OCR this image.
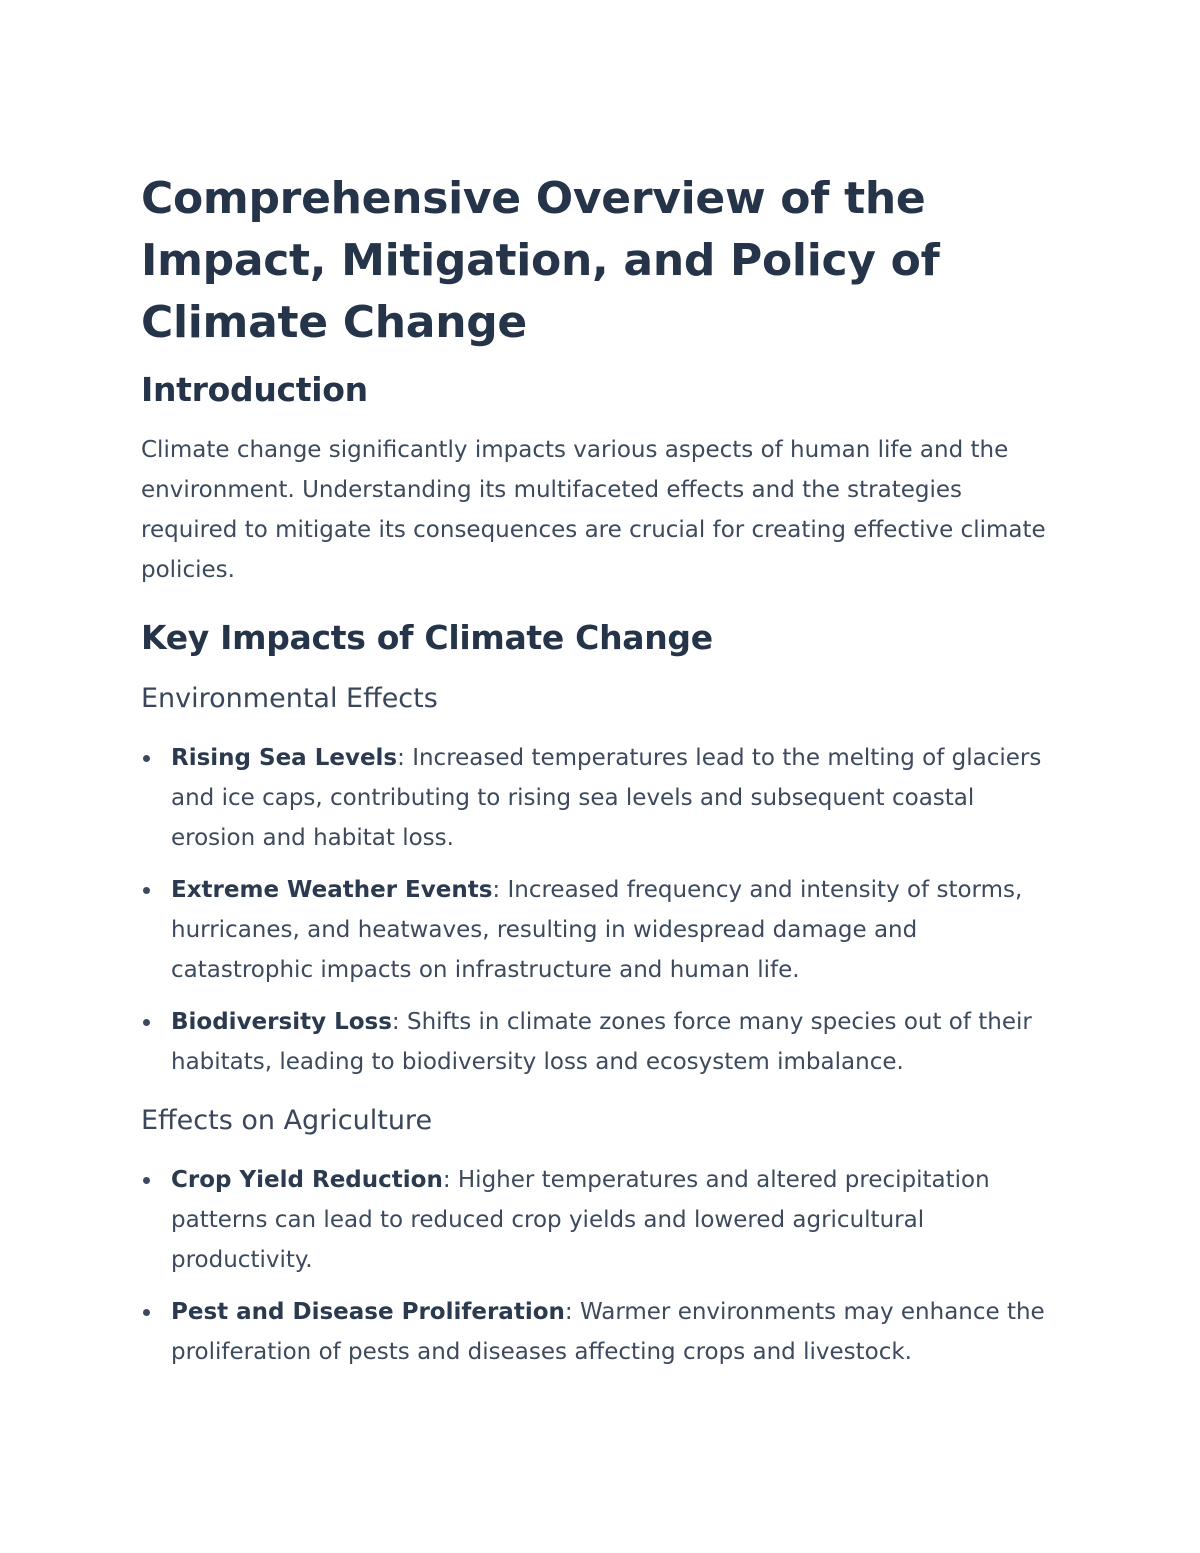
Comprehensive Overview of the Impact, Mitigation, and Policy of Climate Change
Introduction

Climate change significantly impacts various aspects of human life and the environment. Understanding its multifaceted effects and the strategies required to mitigate its consequences are crucial for creating effective climate policies.

Key Impacts of Climate Change
Environmental Effects
Rising Sea Levels: Increased temperatures lead to the melting of glaciers and ice caps, contributing to rising sea levels and subsequent coastal erosion and habitat loss.
Extreme Weather Events: Increased frequency and intensity of storms, hurricanes, and heatwaves, resulting in widespread damage and catastrophic impacts on infrastructure and human life.
Biodiversity Loss: Shifts in climate zones force many species out of their habitats, leading to biodiversity loss and ecosystem imbalance.
Effects on Agriculture
Crop Yield Reduction: Higher temperatures and altered precipitation patterns can lead to reduced crop yields and lowered agricultural productivity.
Pest and Disease Proliferation: Warmer environments may enhance the proliferation of pests and diseases affecting crops and livestock.
